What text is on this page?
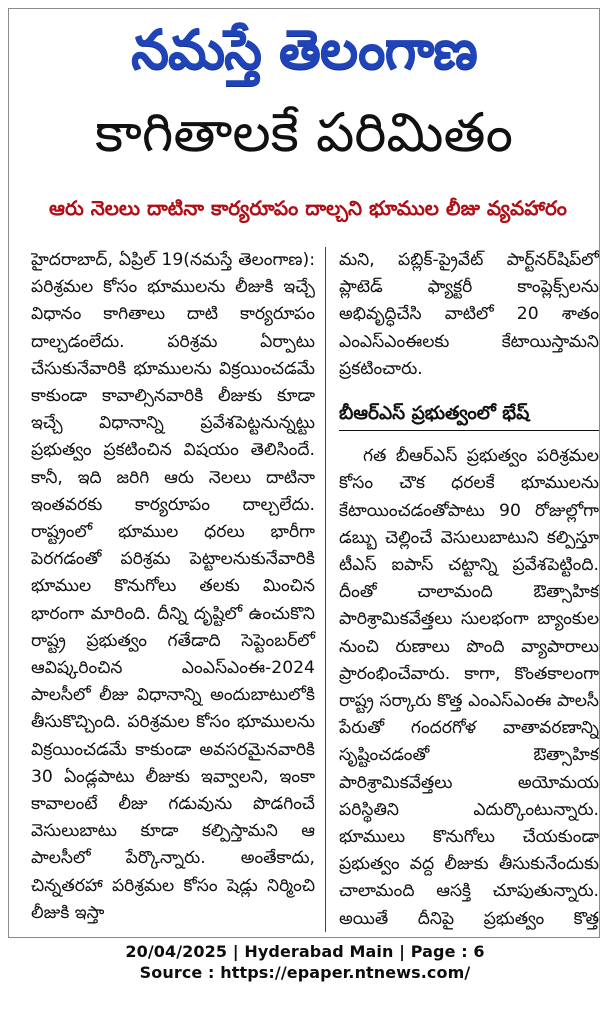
నమస్తే తెలంగాణ
కాగితాలకే పరిమితం
ఆరు నెలలు దాటినా కార్యరూపం దాల్చని భూముల లీజు వ్యవహారం

హైదరాబాద్, ఏప్రిల్ 19(నమస్తే తెలంగాణ): పరిశ్రమల కోసం భూములను లీజుకి ఇచ్చే విధానం కాగితాలు దాటి కార్యరూపం దాల్చడంలేదు. పరిశ్రమ ఏర్పాటు చేసుకునేవారికి భూములను విక్రయించడమే కాకుండా కావాల్సినవారికి లీజుకు కూడా ఇచ్చే విధానాన్ని ప్రవేశపెట్టనున్నట్టు ప్రభుత్వం ప్రకటించిన విషయం తెలిసిందే. కానీ, ఇది జరిగి ఆరు నెలలు దాటినా ఇంతవరకు కార్యరూపం దాల్చలేదు. రాష్ట్రంలో భూముల ధరలు భారీగా పెరగడంతో పరిశ్రమ పెట్టాలనుకునేవారికి భూముల కొనుగోలు తలకు మించిన భారంగా మారింది. దీన్ని దృష్టిలో ఉంచుకొని రాష్ట్ర ప్రభుత్వం గతేడాది సెప్టెంబర్‌లో ఆవిష్కరించిన ఎంఎస్ఎంఈ-2024 పాలసీలో లీజు విధానాన్ని అందుబాటులోకి తీసుకొచ్చింది. పరిశ్రమల కోసం భూములను విక్రయించడమే కాకుండా అవసరమైనవారికి 30 ఏండ్లపాటు లీజుకు ఇవ్వాలని, ఇంకా కావాలంటే లీజు గడువును పొడగించే వెసులుబాటు కూడా కల్పిస్తామని ఆ పాలసీలో పేర్కొన్నారు. అంతేకాదు, చిన్నతరహా పరిశ్రమల కోసం షెడ్లు నిర్మించి లీజుకి ఇస్తా

మని, పబ్లిక్-ప్రైవేట్ పార్ట్‌నర్‌షిప్‌లో ప్లాటెడ్ ఫ్యాక్టరీ కాంప్లెక్స్‌లను అభివృద్ధిచేసి వాటిలో 20 శాతం ఎంఎస్ఎంఈలకు కేటాయిస్తామని ప్రకటించారు.

బీఆర్ఎస్ ప్రభుత్వంలో భేష్

గత బీఆర్ఎస్ ప్రభుత్వం పరిశ్రమల కోసం చౌక ధరలకే భూములను కేటాయించడంతోపాటు 90 రోజుల్లోగా డబ్బు చెల్లించే వెసులుబాటుని కల్పిస్తూ టీఎస్ ఐపాస్ చట్టాన్ని ప్రవేశపెట్టింది. దీంతో చాలామంది ఔత్సాహిక పారిశ్రామికవేత్తలు సులభంగా బ్యాంకుల నుంచి రుణాలు పొంది వ్యాపారాలు ప్రారంభించేవారు. కాగా, కొంతకాలంగా రాష్ట్ర సర్కారు కొత్త ఎంఎస్ఎంఈ పాలసీ పేరుతో గందరగోళ వాతావరణాన్ని సృష్టించడంతో ఔత్సాహిక పారిశ్రామికవేత్తలు అయోమయ పరిస్థితిని ఎదుర్కొంటున్నారు. భూములు కొనుగోలు చేయకుండా ప్రభుత్వం వద్ద లీజుకు తీసుకునేందుకు చాలామంది ఆసక్తి చూపుతున్నారు. అయితే దీనిపై ప్రభుత్వం కొత్త

20/04/2025 | Hyderabad Main | Page : 6
Source : https://epaper.ntnews.com/
